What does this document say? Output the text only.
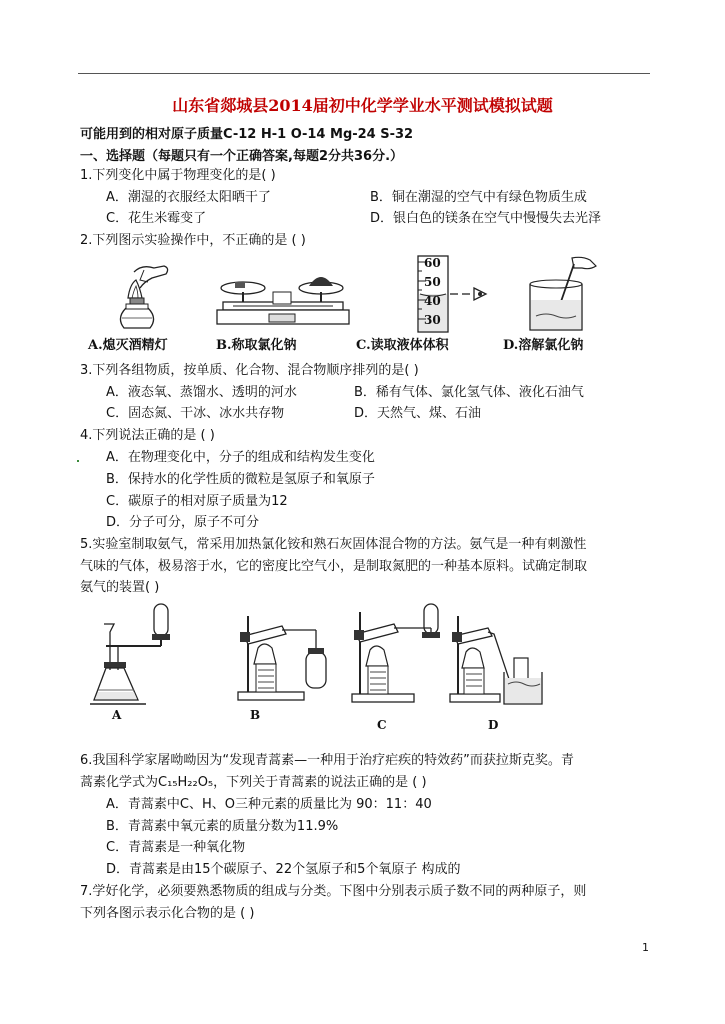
山东省郯城县2014届初中化学学业水平测试模拟试题
可能用到的相对原子质量C-12 H-1 O-14 Mg-24 S-32
一、选择题（每题只有一个正确答案,每题2分共36分.）
1.下列变化中属于物理变化的是( )
A．潮湿的衣服经太阳晒干了	B．铜在潮湿的空气中有绿色物质生成
C．花生米霉变了	D．银白色的镁条在空气中慢慢失去光泽
2.下列图示实验操作中，不正确的是 ( )
A.熄灭酒精灯	B.称取氯化钠
60
50
40
30
C.读取液体体积	D.溶解氯化钠
3.下列各组物质，按单质、化合物、混合物顺序排列的是( )
A．液态氧、蒸馏水、透明的河水	B．稀有气体、氯化氢气体、液化石油气
C．固态氮、干冰、冰水共存物	D．天然气、煤、石油
4.下列说法正确的是 ( )
A．在物理变化中，分子的组成和结构发生变化
B．保持水的化学性质的微粒是氢原子和氧原子
C．碳原子的相对原子质量为12
D．分子可分，原子不可分
5.实验室制取氨气，常采用加热氯化铵和熟石灰固体混合物的方法。氨气是一种有刺激性
气味的气体，极易溶于水，它的密度比空气小，是制取氮肥的一种基本原料。试确定制取
氨气的装置( )
A	B
C	D
6.我国科学家屠呦呦因为“发现青蒿素—一种用于治疗疟疾的特效药”而获拉斯克奖。青
蒿素化学式为C₁₅H₂₂O₅，下列关于青蒿素的说法正确的是 ( )
A．青蒿素中C、H、O三种元素的质量比为 90：11：40
B．青蒿素中氧元素的质量分数为11.9%
C．青蒿素是一种氧化物
D．青蒿素是由15个碳原子、22个氢原子和5个氧原子 构成的
7.学好化学，必须要熟悉物质的组成与分类。下图中分别表示质子数不同的两种原子，则
下列各图示表示化合物的是 ( )
1
